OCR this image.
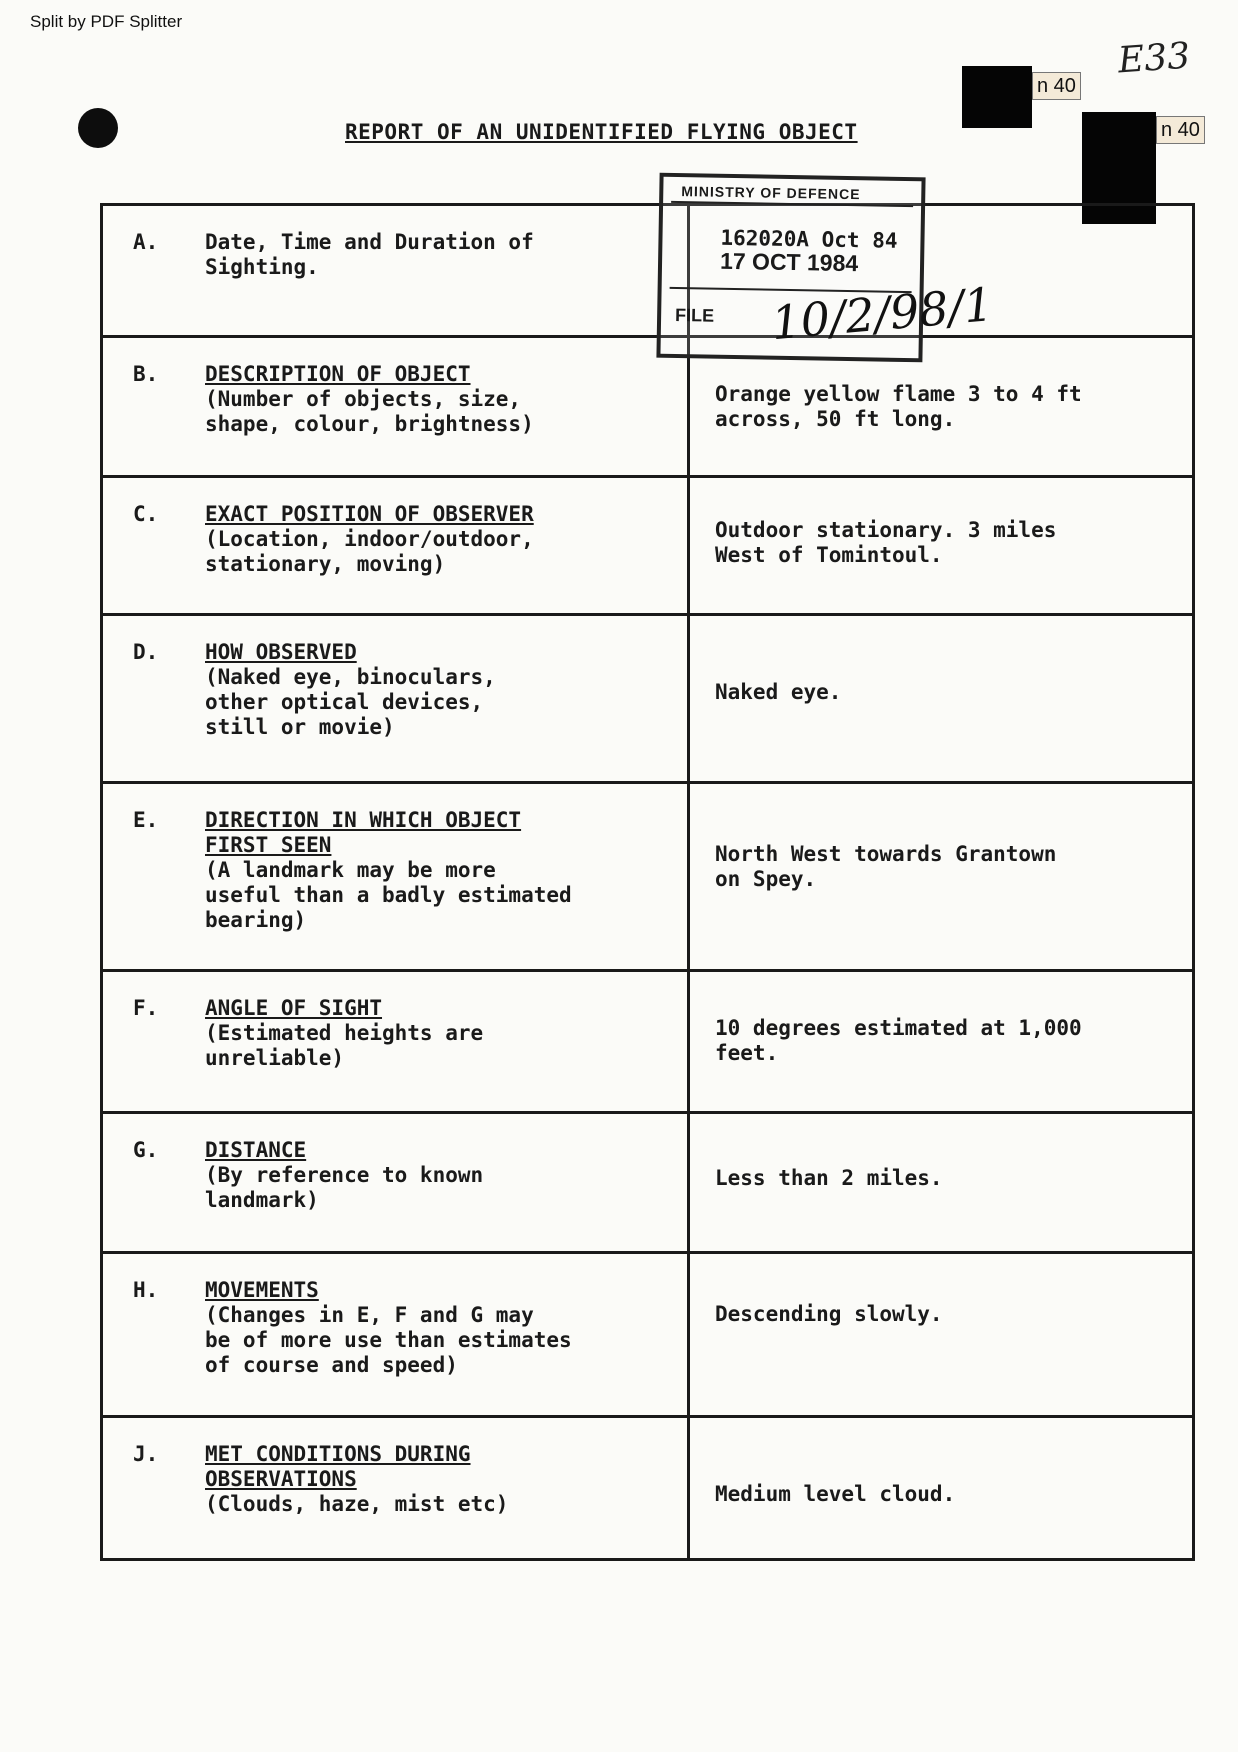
Split by PDF Splitter
E33
n 40
n 40
REPORT OF AN UNIDENTIFIED FLYING OBJECT
A. Date, Time and Duration of
Sighting.
B. DESCRIPTION OF OBJECT
(Number of objects, size,
shape, colour, brightness)
Orange yellow flame 3 to 4 ft
across, 50 ft long.
C. EXACT POSITION OF OBSERVER
(Location, indoor/outdoor,
stationary, moving)
Outdoor stationary. 3 miles
West of Tomintoul.
D. HOW OBSERVED
(Naked eye, binoculars,
other optical devices,
still or movie)
Naked eye.
E. DIRECTION IN WHICH OBJECT
FIRST SEEN
(A landmark may be more
useful than a badly estimated
bearing)
North West towards Grantown
on Spey.
F. ANGLE OF SIGHT
(Estimated heights are
unreliable)
10 degrees estimated at 1,000
feet.
G. DISTANCE
(By reference to known
landmark)
Less than 2 miles.
H. MOVEMENTS
(Changes in E, F and G may
be of more use than estimates
of course and speed)
Descending slowly.
J. MET CONDITIONS DURING
OBSERVATIONS
(Clouds, haze, mist etc)	Medium level cloud.
MINISTRY OF DEFENCE
162020A Oct 84
17 OCT 1984
FILE 10/2/98/1
